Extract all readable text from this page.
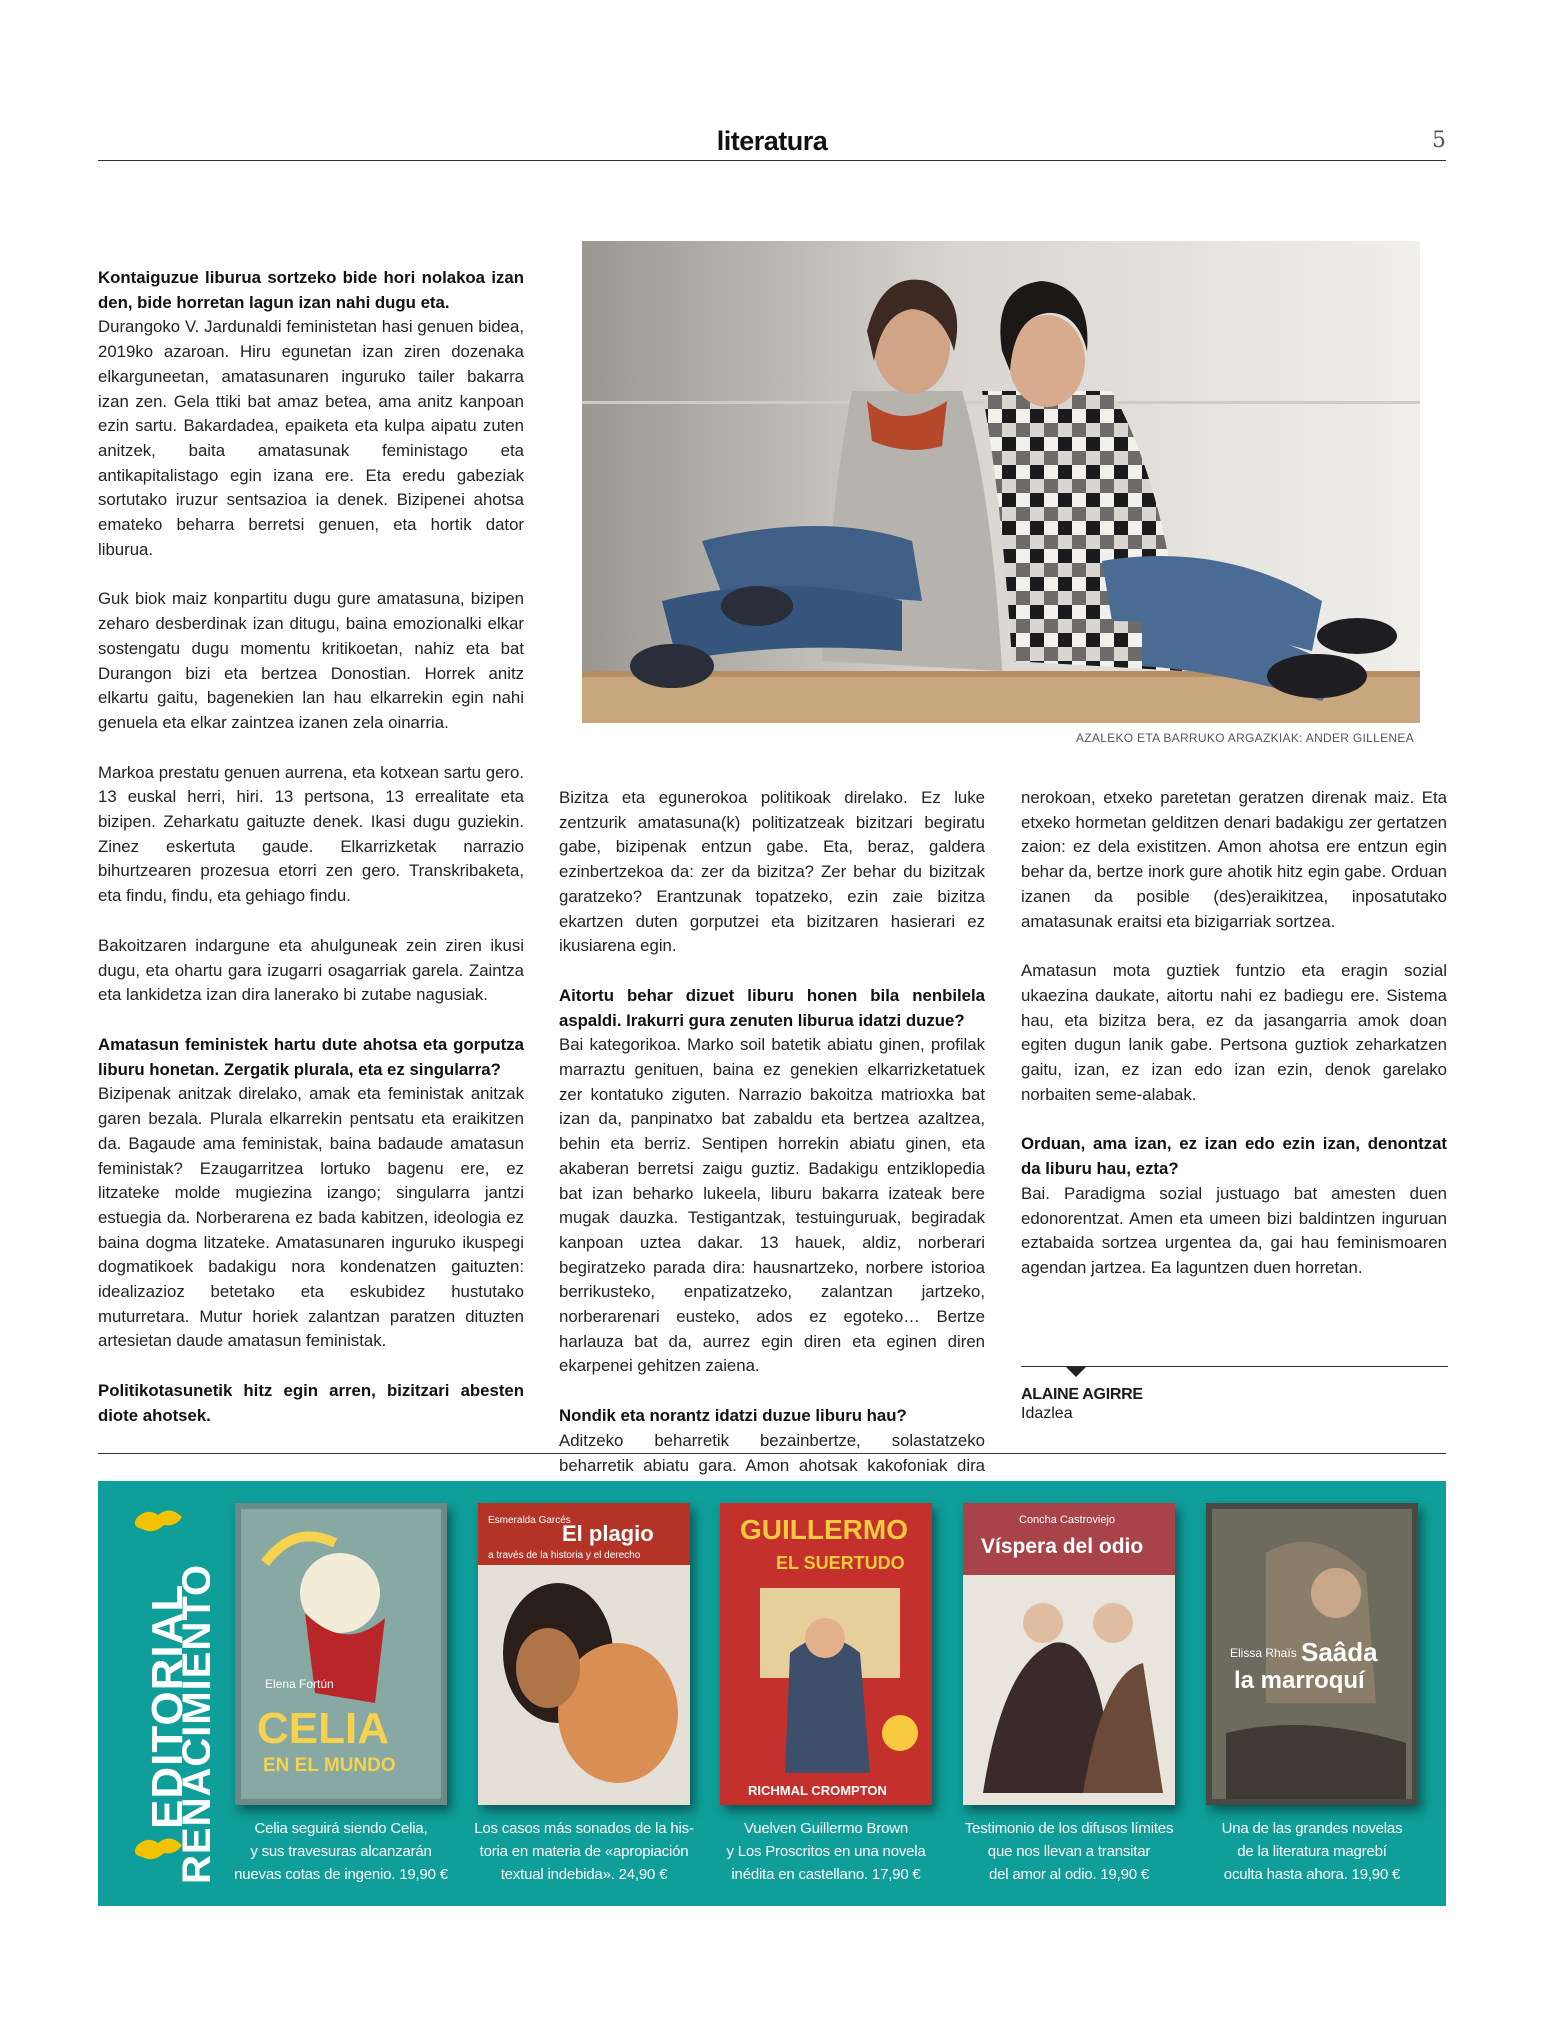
literatura	5

Kontaiguzue liburua sortzeko bide hori nolakoa izan den, bide horretan lagun izan nahi dugu eta.

Durangoko V. Jardunaldi feministetan hasi genuen bidea, 2019ko azaroan. Hiru egunetan izan ziren dozenaka elkarguneetan, amatasunaren inguruko tailer bakarra izan zen. Gela ttiki bat amaz betea, ama anitz kanpoan ezin sartu. Bakardadea, epaiketa eta kulpa aipatu zuten anitzek, baita amatasunak feministago eta antikapitalistago egin izana ere. Eta eredu gabeziak sortutako iruzur sentsazioa ia denek. Bizipenei ahotsa emateko beharra berretsi genuen, eta hortik dator liburua.

Guk biok maiz konpartitu dugu gure amatasuna, bizipen zeharo desberdinak izan ditugu, baina emozionalki elkar sostengatu dugu momentu kritikoetan, nahiz eta bat Durangon bizi eta bertzea Donostian. Horrek anitz elkartu gaitu, bagenekien lan hau elkarrekin egin nahi genuela eta elkar zaintzea izanen zela oinarria.

Markoa prestatu genuen aurrena, eta kotxean sartu gero. 13 euskal herri, hiri. 13 pertsona, 13 errealitate eta bizipen. Zeharkatu gaituzte denek. Ikasi dugu guziekin. Zinez eskertuta gaude. Elkarrizketak narrazio bihurtzearen prozesua etorri zen gero. Transkribaketa, eta findu, findu, eta gehiago findu.

Bakoitzaren indargune eta ahulguneak zein ziren ikusi dugu, eta ohartu gara izugarri osagarriak garela. Zaintza eta lankidetza izan dira lanerako bi zutabe nagusiak.

Amatasun feministek hartu dute ahotsa eta gorputza liburu honetan. Zergatik plurala, eta ez singularra?

Bizipenak anitzak direlako, amak eta feministak anitzak garen bezala. Plurala elkarrekin pentsatu eta eraikitzen da. Bagaude ama feministak, baina badaude amatasun feministak? Ezaugarritzea lortuko bagenu ere, ez litzateke molde mugiezina izango; singularra jantzi estuegia da. Norberarena ez bada kabitzen, ideologia ez baina dogma litzateke. Amatasunaren inguruko ikuspegi dogmatikoek badakigu nora kondenatzen gaituzten: idealizazioz betetako eta eskubidez hustutako muturretara. Mutur horiek zalantzan paratzen dituzten artesietan daude amatasun feministak.

Politikotasunetik hitz egin arren, bizitzari abesten diote ahotsek.

AZALEKO ETA BARRUKO ARGAZKIAK: ANDER GILLENEA

Bizitza eta egunerokoa politikoak direlako. Ez luke zentzurik amatasuna(k) politizatzeak bizitzari begiratu gabe, bizipenak entzun gabe. Eta, beraz, galdera ezinbertzekoa da: zer da bizitza? Zer behar du bizitzak garatzeko? Erantzunak topatzeko, ezin zaie bizitza ekartzen duten gorputzei eta bizitzaren hasierari ez ikusiarena egin.

Aitortu behar dizuet liburu honen bila nenbilela aspaldi. Irakurri gura zenuten liburua idatzi duzue?

Bai kategorikoa. Marko soil batetik abiatu ginen, profilak marraztu genituen, baina ez genekien elkarrizketatuek zer kontatuko ziguten. Narrazio bakoitza matrioxka bat izan da, panpinatxo bat zabaldu eta bertzea azaltzea, behin eta berriz. Sentipen horrekin abiatu ginen, eta akaberan berretsi zaigu guztiz. Badakigu entziklopedia bat izan beharko lukeela, liburu bakarra izateak bere mugak dauzka. Testigantzak, testuinguruak, begiradak kanpoan uztea dakar. 13 hauek, aldiz, norberari begiratzeko parada dira: hausnartzeko, norbere istorioa berrikusteko, enpatizatzeko, zalantzan jartzeko, norberarenari eusteko, ados ez egoteko… Bertze harlauza bat da, aurrez egin diren eta eginen diren ekarpenei gehitzen zaiena.

Nondik eta norantz idatzi duzue liburu hau?

Aditzeko beharretik bezainbertze, solastatzeko beharretik abiatu gara. Amon ahotsak kakofoniak dira

nerokoan, etxeko paretetan geratzen direnak maiz. Eta etxeko hormetan gelditzen denari badakigu zer gertatzen zaion: ez dela existitzen. Amon ahotsa ere entzun egin behar da, bertze inork gure ahotik hitz egin gabe. Orduan izanen da posible (des)eraikitzea, inposatutako amatasunak eraitsi eta bizigarriak sortzea.

Amatasun mota guztiek funtzio eta eragin sozial ukaezina daukate, aitortu nahi ez badiegu ere. Sistema hau, eta bizitza bera, ez da jasangarria amok doan egiten dugun lanik gabe. Pertsona guztiok zeharkatzen gaitu, izan, ez izan edo izan ezin, denok garelako norbaiten seme-alabak.

Orduan, ama izan, ez izan edo ezin izan, denontzat da liburu hau, ezta?

Bai. Paradigma sozial justuago bat amesten duen edonorentzat. Amen eta umeen bizi baldintzen inguruan eztabaida sortzea urgentea da, gai hau feminismoaren agendan jartzea. Ea laguntzen duen horretan.

ALAINE AGIRRE
Idazlea
EDITORIAL
RENACIMIENTO	Elena Fortún
CELIA
EN EL MUNDO
Celia seguirá siendo Celia,
y sus travesuras alcanzarán
nuevas cotas de ingenio. 19,90 €
Esmeralda Garcés
El plagio
a través de la historia y el derecho
Los casos más sonados de la his-
toria en materia de «apropiación
textual indebida». 24,90 €
GUILLERMO
EL SUERTUDO
RICHMAL CROMPTON
Vuelven Guillermo Brown
y Los Proscritos en una novela
inédita en castellano. 17,90 €
Concha Castroviejo
Víspera del odio
Testimonio de los difusos límites
que nos llevan a transitar
del amor al odio. 19,90 €
Elissa Rhaïs Saâda
la marroquí
Una de las grandes novelas
de la literatura magrebí
oculta hasta ahora. 19,90 €
